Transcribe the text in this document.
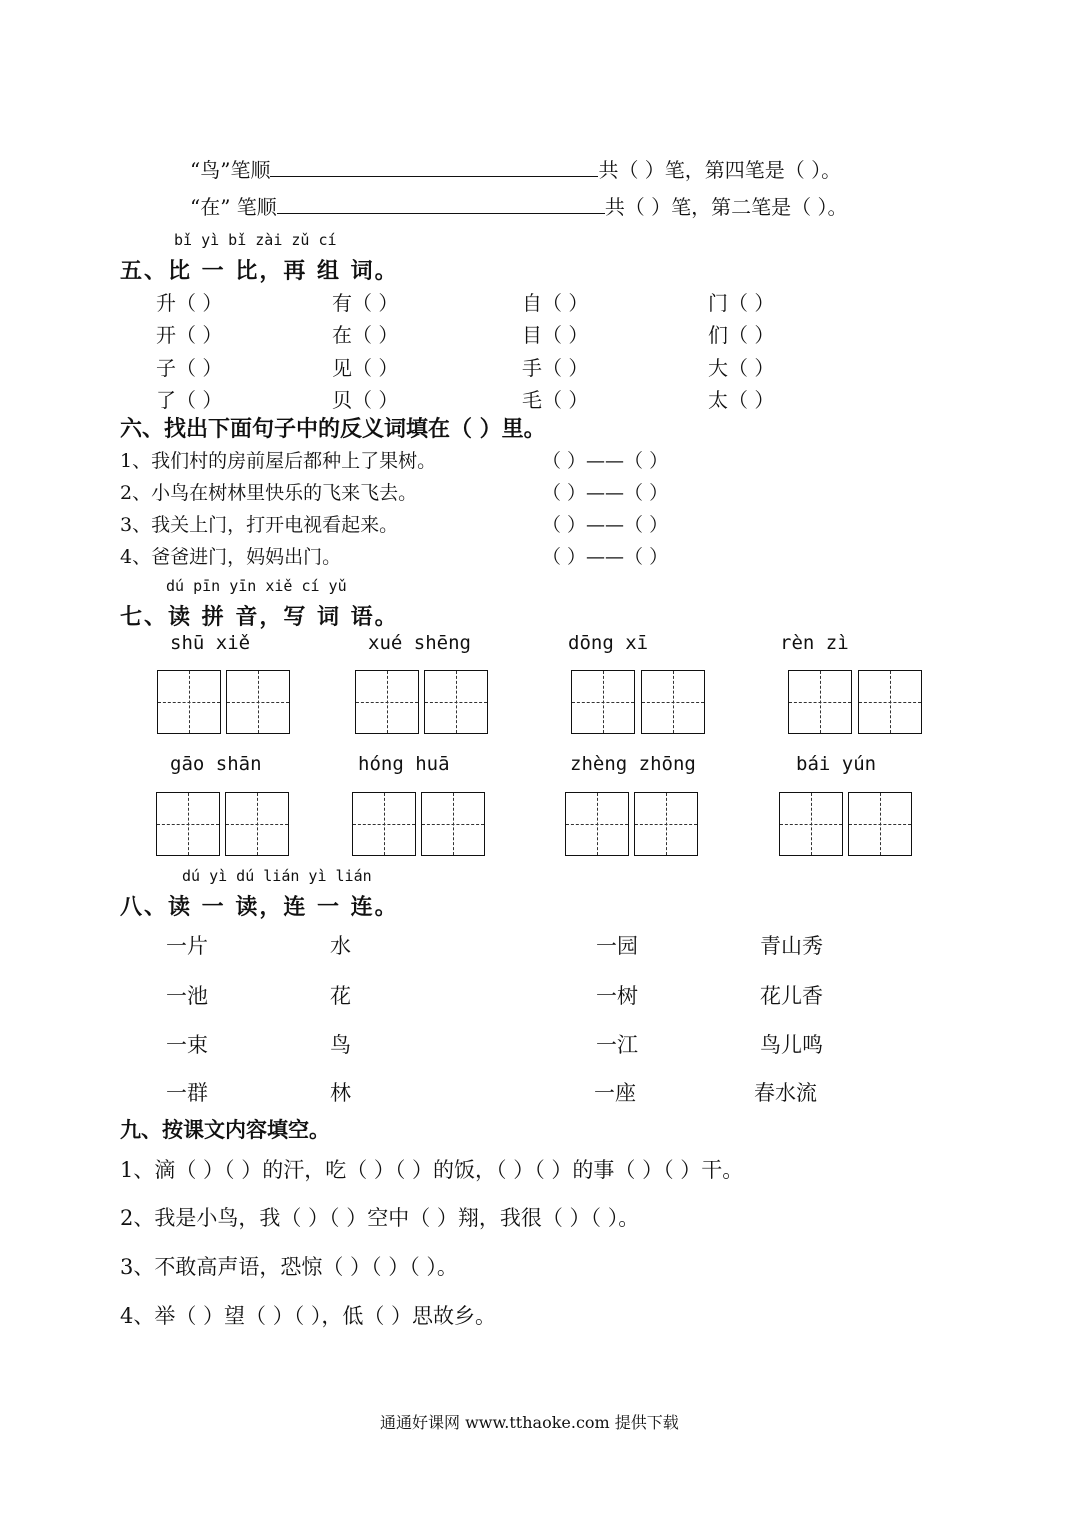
“鸟”笔顺	共（ ）笔，第四笔是（ ）。
“在” 笔顺	共（ ）笔，第二笔是（ ）。
bǐ yì bǐ zài zǔ cí
五、比 一 比，再 组 词。
升（ ）	有（ ）	自（ ）	门（ ）
开（ ）	在（ ）	目（ ）	们（ ）
子（ ）	见（ ）	手（ ）	大（ ）
了（ ）	贝（ ）	毛（ ）	太（ ）
六、找出下面句子中的反义词填在（ ）里。
1、我们村的房前屋后都种上了果树。	（ ）——（ ）
2、小鸟在树林里快乐的飞来飞去。	（ ）——（ ）
3、我关上门，打开电视看起来。	（ ）——（ ）
4、爸爸进门，妈妈出门。	（ ）——（ ）
dú pīn yīn xiě cí yǔ
七、读 拼 音，写 词 语。
shū xiě	xué shēng	dōng xī	rèn zì
gāo shān	hóng huā	zhèng zhōng	bái yún
dú yì dú lián yì lián
八、读 一 读，连 一 连。
一片	水	一园	青山秀
一池	花	一树	花儿香
一束	鸟	一江	鸟儿鸣
一群	林	一座	春水流
九、按课文内容填空。
1、滴（ ）（ ）的汗，吃（ ）（ ）的饭，（ ）（ ）的事（ ）（ ）干。
2、我是小鸟，我（ ）（ ）空中（ ）翔，我很（ ）（ ）。
3、不敢高声语，恐惊（ ）（ ）（ ）。
4、举（ ）望（ ）（ ），低（ ）思故乡。
通通好课网 www.tthaoke.com 提供下载
